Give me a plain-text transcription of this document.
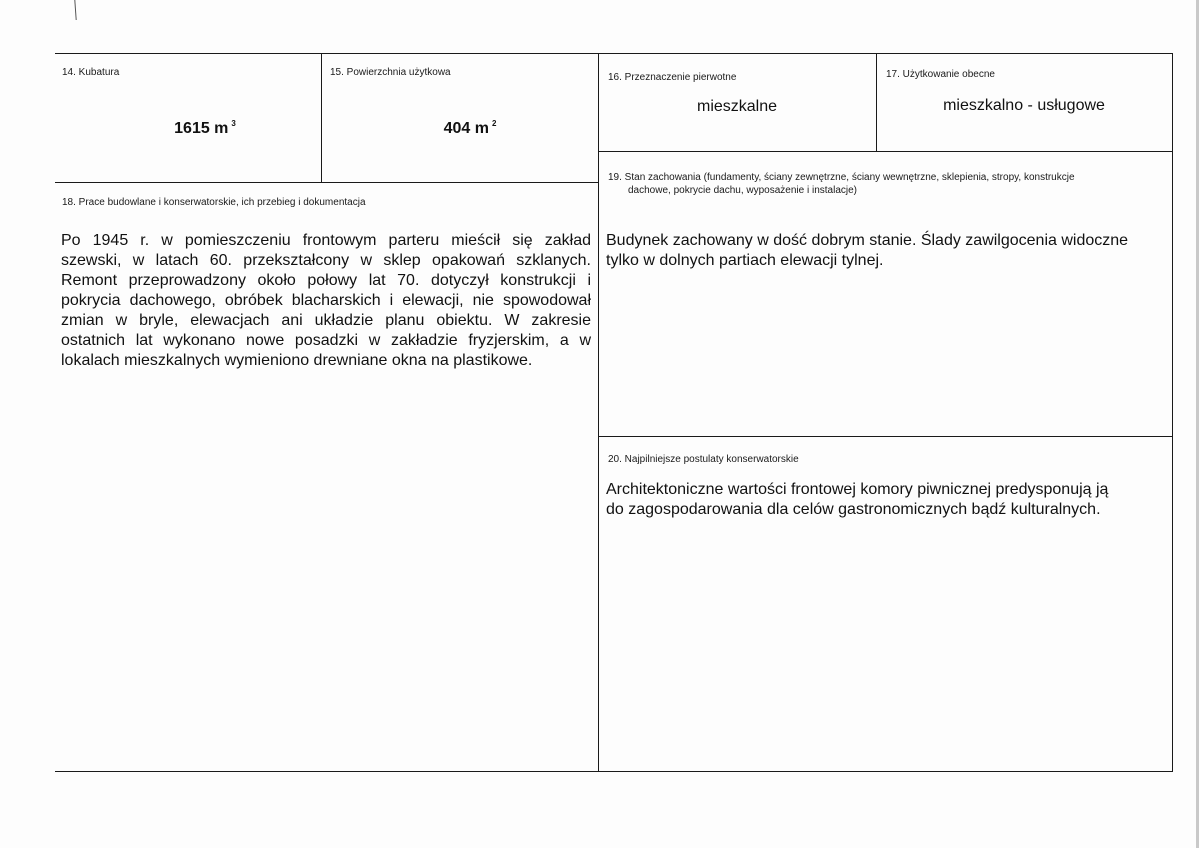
14. Kubatura
1615 m $^3$
15. Powierzchnia użytkowa
404 m $^2$
16. Przeznaczenie pierwotne
mieszkalne
17. Użytkowanie obecne
mieszkalno - usługowe
19. Stan zachowania (fundamenty, ściany zewnętrzne, ściany wewnętrzne, sklepienia, stropy, konstrukcje
dachowe, pokrycie dachu, wyposażenie i instalacje)
18. Prace budowlane i konserwatorskie, ich przebieg i dokumentacja
Po 1945 r. w pomieszczeniu frontowym parteru mieścił się zakład
szewski, w latach 60. przekształcony w sklep opakowań szklanych.
Remont przeprowadzony około połowy lat 70. dotyczył konstrukcji i
pokrycia dachowego, obróbek blacharskich i elewacji, nie spowodował
zmian w bryle, elewacjach ani układzie planu obiektu. W zakresie
ostatnich lat wykonano nowe posadzki w zakładzie fryzjerskim, a w
lokalach mieszkalnych wymieniono drewniane okna na plastikowe.
Budynek zachowany w dość dobrym stanie. Ślady zawilgocenia widoczne
tylko w dolnych partiach elewacji tylnej.
20. Najpilniejsze postulaty konserwatorskie
Architektoniczne wartości frontowej komory piwnicznej predysponują ją
do zagospodarowania dla celów gastronomicznych bądź kulturalnych.
